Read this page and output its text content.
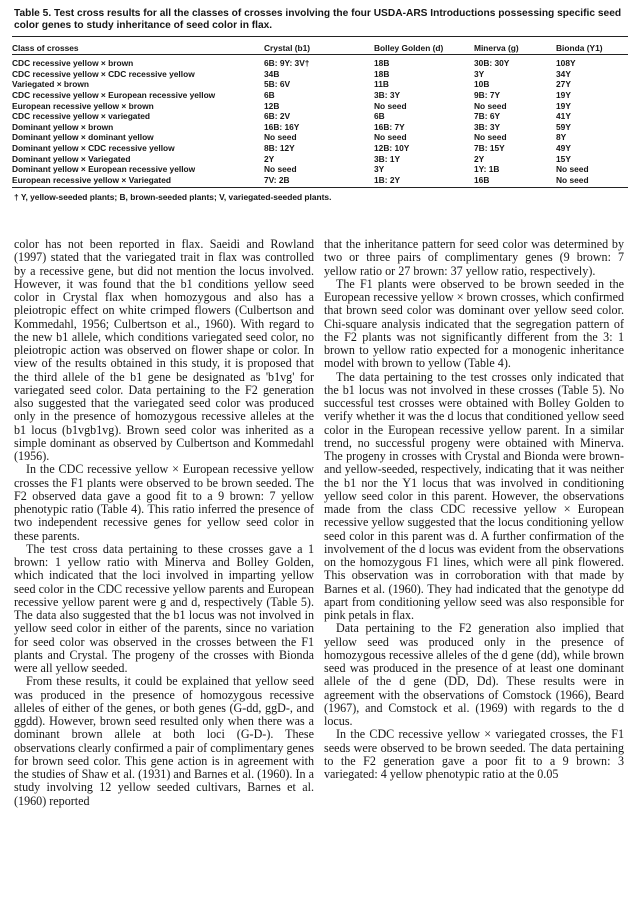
Table 5. Test cross results for all the classes of crosses involving the four USDA-ARS Introductions possessing specific seed color genes to study inheritance of seed color in flax.
Class of crosses	Crystal (b1)	Bolley Golden (d)	Minerva (g)	Bionda (Y1)
CDC recessive yellow × brown	6B: 9Y: 3V†	18B	30B: 30Y	108Y
CDC recessive yellow × CDC recessive yellow	34B	18B	3Y	34Y
Variegated × brown	5B: 6V	11B	10B	27Y
CDC recessive yellow × European recessive yellow	6B	3B: 3Y	9B: 7Y	19Y
European recessive yellow × brown	12B	No seed	No seed	19Y
CDC recessive yellow × variegated	6B: 2V	6B	7B: 6Y	41Y
Dominant yellow × brown	16B: 16Y	16B: 7Y	3B: 3Y	59Y
Dominant yellow × dominant yellow	No seed	No seed	No seed	8Y
Dominant yellow × CDC recessive yellow	8B: 12Y	12B: 10Y	7B: 15Y	49Y
Dominant yellow × Variegated	2Y	3B: 1Y	2Y	15Y
Dominant yellow × European recessive yellow	No seed	3Y	1Y: 1B	No seed
European recessive yellow × Variegated	7V: 2B	1B: 2Y	16B	No seed
† Y, yellow-seeded plants; B, brown-seeded plants; V, variegated-seeded plants.

color has not been reported in flax. Saeidi and Rowland (1997) stated that the variegated trait in flax was controlled by a recessive gene, but did not mention the locus involved. However, it was found that the b1 conditions yellow seed color in Crystal flax when homozygous and also has a pleiotropic effect on white crimped flowers (Culbertson and Kommedahl, 1956; Culbertson et al., 1960). With regard to the new b1 allele, which conditions variegated seed color, no pleiotropic action was observed on flower shape or color. In view of the results obtained in this study, it is proposed that the third allele of the b1 gene be designated as 'b1vg' for variegated seed color. Data pertaining to the F2 generation also suggested that the variegated seed color was produced only in the presence of homozygous recessive alleles at the b1 locus (b1vgb1vg). Brown seed color was inherited as a simple dominant as observed by Culbertson and Kommedahl (1956).

In the CDC recessive yellow × European recessive yellow crosses the F1 plants were observed to be brown seeded. The F2 observed data gave a good fit to a 9 brown: 7 yellow phenotypic ratio (Table 4). This ratio inferred the presence of two independent recessive genes for yellow seed color in these parents.

The test cross data pertaining to these crosses gave a 1 brown: 1 yellow ratio with Minerva and Bolley Golden, which indicated that the loci involved in imparting yellow seed color in the CDC recessive yellow parents and European recessive yellow parent were g and d, respectively (Table 5). The data also suggested that the b1 locus was not involved in yellow seed color in either of the parents, since no variation for seed color was observed in the crosses between the F1 plants and Crystal. The progeny of the crosses with Bionda were all yellow seeded.

From these results, it could be explained that yellow seed was produced in the presence of homozygous recessive alleles of either of the genes, or both genes (G-dd, ggD-, and ggdd). However, brown seed resulted only when there was a dominant brown allele at both loci (G-D-). These observations clearly confirmed a pair of complimentary genes for brown seed color. This gene action is in agreement with the studies of Shaw et al. (1931) and Barnes et al. (1960). In a study involving 12 yellow seeded cultivars, Barnes et al. (1960) reported

that the inheritance pattern for seed color was determined by two or three pairs of complimentary genes (9 brown: 7 yellow ratio or 27 brown: 37 yellow ratio, respectively).

The F1 plants were observed to be brown seeded in the European recessive yellow × brown crosses, which confirmed that brown seed color was dominant over yellow seed color. Chi-square analysis indicated that the segregation pattern of the F2 plants was not significantly different from the 3: 1 brown to yellow ratio expected for a monogenic inheritance model with brown to yellow (Table 4).

The data pertaining to the test crosses only indicated that the b1 locus was not involved in these crosses (Table 5). No successful test crosses were obtained with Bolley Golden to verify whether it was the d locus that conditioned yellow seed color in the European recessive yellow parent. In a similar trend, no successful progeny were obtained with Minerva. The progeny in crosses with Crystal and Bionda were brown- and yellow-seeded, respectively, indicating that it was neither the b1 nor the Y1 locus that was involved in conditioning yellow seed color in this parent. However, the observations made from the class CDC recessive yellow × European recessive yellow suggested that the locus conditioning yellow seed color in this parent was d. A further confirmation of the involvement of the d locus was evident from the observations on the homozygous F1 lines, which were all pink flowered. This observation was in corroboration with that made by Barnes et al. (1960). They had indicated that the genotype dd apart from conditioning yellow seed was also responsible for pink petals in flax.

Data pertaining to the F2 generation also implied that yellow seed was produced only in the presence of homozygous recessive alleles of the d gene (dd), while brown seed was produced in the presence of at least one dominant allele of the d gene (DD, Dd). These results were in agreement with the observations of Comstock (1966), Beard (1967), and Comstock et al. (1969) with regards to the d locus.

In the CDC recessive yellow × variegated crosses, the F1 seeds were observed to be brown seeded. The data pertaining to the F2 generation gave a poor fit to a 9 brown: 3 variegated: 4 yellow phenotypic ratio at the 0.05
